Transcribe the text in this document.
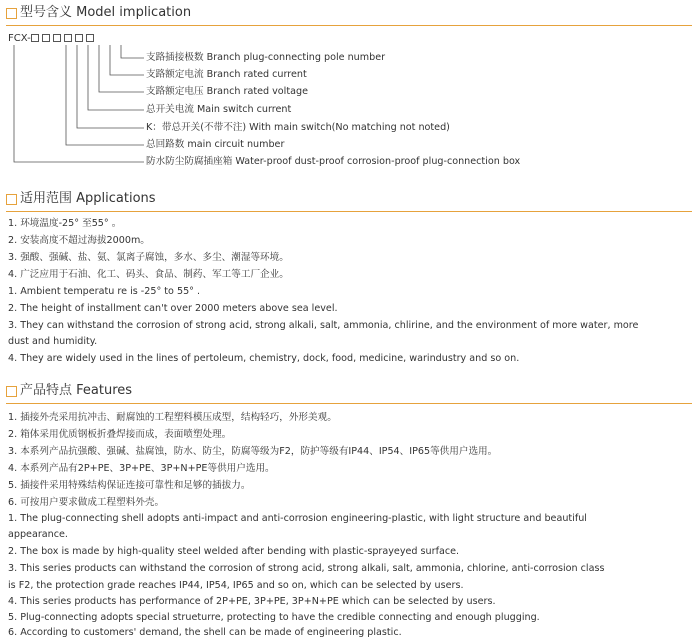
型号含义 Model implication
FCX-
支路插接极数 Branch plug-connecting pole number
支路额定电流 Branch rated current
支路额定电压 Branch rated voltage
总开关电流 Main switch current
K：带总开关(不带不注) With main switch(No matching not noted)
总回路数 main circuit number
防水防尘防腐插座箱 Water-proof dust-proof corrosion-proof plug-connection box
适用范围 Applications
1. 环境温度-25° 至55° 。
2. 安装高度不超过海拔2000m。
3. 强酸、强碱、盐、氨、氯离子腐蚀，多水、多尘、潮湿等环境。
4. 广泛应用于石油、化工、码头、食品、制药、军工等工厂企业。
1. Ambient temperatu re is -25° to 55° .
2. The height of installment can't over 2000 meters above sea level.
3. They can withstand the corrosion of strong acid, strong alkali, salt, ammonia, chlirine, and the environment of more water, more
dust and humidity.
4. They are widely used in the lines of pertoleum, chemistry, dock, food, medicine, warindustry and so on.
产品特点 Features
1. 插接外壳采用抗冲击、耐腐蚀的工程塑料模压成型，结构轻巧，外形美观。
2. 箱体采用优质钢板折叠焊接而成，表面喷塑处理。
3. 本系列产品抗强酸、强碱、盐腐蚀，防水、防尘，防腐等级为F2，防护等级有IP44、IP54、IP65等供用户选用。
4. 本系列产品有2P+PE、3P+PE、3P+N+PE等供用户选用。
5. 插接件采用特殊结构保证连接可靠性和足够的插拔力。
6. 可按用户要求做成工程塑料外壳。
1. The plug-connecting shell adopts anti-impact and anti-corrosion engineering-plastic, with light structure and beautiful
appearance.
2. The box is made by high-quality steel welded after bending with plastic-sprayeyed surface.
3. This series products can withstand the corrosion of strong acid, strong alkali, salt, ammonia, chlorine, anti-corrosion class
is F2, the protection grade reaches IP44, IP54, IP65 and so on, which can be selected by users.
4. This series products has performance of 2P+PE, 3P+PE, 3P+N+PE which can be selected by users.
5. Plug-connecting adopts special strueturre, protecting to have the credible connecting and enough plugging.
6. According to customers' demand, the shell can be made of engineering plastic.
